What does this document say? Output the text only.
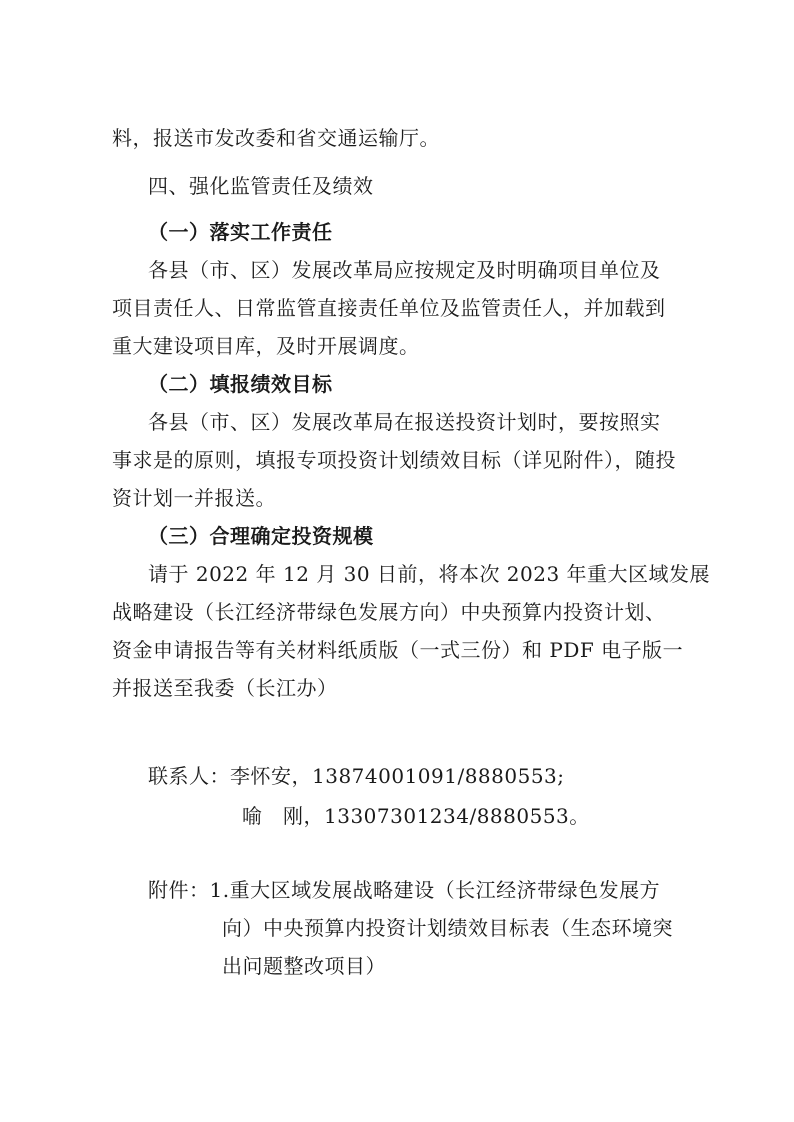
料，报送市发改委和省交通运输厅。
四、强化监管责任及绩效
（一）落实工作责任
各县（市、区）发展改革局应按规定及时明确项目单位及
项目责任人、日常监管直接责任单位及监管责任人，并加载到
重大建设项目库，及时开展调度。
（二）填报绩效目标
各县（市、区）发展改革局在报送投资计划时，要按照实
事求是的原则，填报专项投资计划绩效目标（详见附件），随投
资计划一并报送。
（三）合理确定投资规模
请于 2022 年 12 月 30 日前，将本次 2023 年重大区域发展
战略建设（长江经济带绿色发展方向）中央预算内投资计划、
资金申请报告等有关材料纸质版（一式三份）和 PDF 电子版一
并报送至我委（长江办）
联系人：李怀安，13874001091/8880553;
喻　刚，13307301234/8880553。
附件：1.重大区域发展战略建设（长江经济带绿色发展方
向）中央预算内投资计划绩效目标表（生态环境突
出问题整改项目）
